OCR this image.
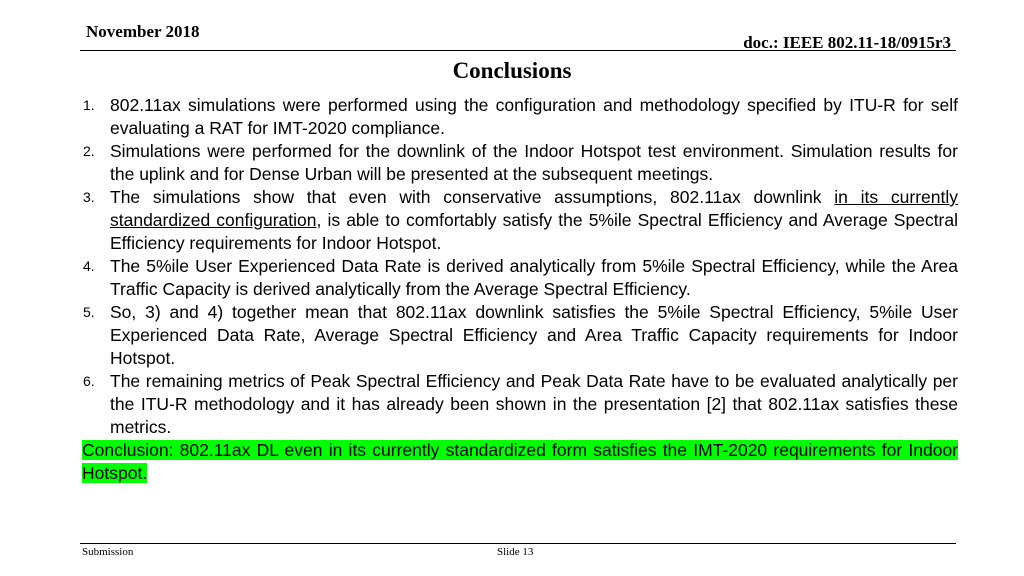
November 2018
doc.: IEEE 802.11-18/0915r3
Conclusions
1. 802.11ax simulations were performed using the configuration and methodology specified by ITU-R for self evaluating a RAT for IMT-2020 compliance.
2. Simulations were performed for the downlink of the Indoor Hotspot test environment. Simulation results for the uplink and for Dense Urban will be presented at the subsequent meetings.
3. The simulations show that even with conservative assumptions, 802.11ax downlink in its currently standardized configuration, is able to comfortably satisfy the 5%ile Spectral Efficiency and Average Spectral Efficiency requirements for Indoor Hotspot.
4. The 5%ile User Experienced Data Rate is derived analytically from 5%ile Spectral Efficiency, while the Area Traffic Capacity is derived analytically from the Average Spectral Efficiency.
5. So, 3) and 4) together mean that 802.11ax downlink satisfies the 5%ile Spectral Efficiency, 5%ile User Experienced Data Rate, Average Spectral Efficiency and Area Traffic Capacity requirements for Indoor Hotspot.
6. The remaining metrics of Peak Spectral Efficiency and Peak Data Rate have to be evaluated analytically per the ITU-R methodology and it has already been shown in the presentation [2] that 802.11ax satisfies these metrics.

Conclusion: 802.11ax DL even in its currently standardized form satisfies the IMT-2020 requirements for Indoor Hotspot.

Submission	Slide 13
